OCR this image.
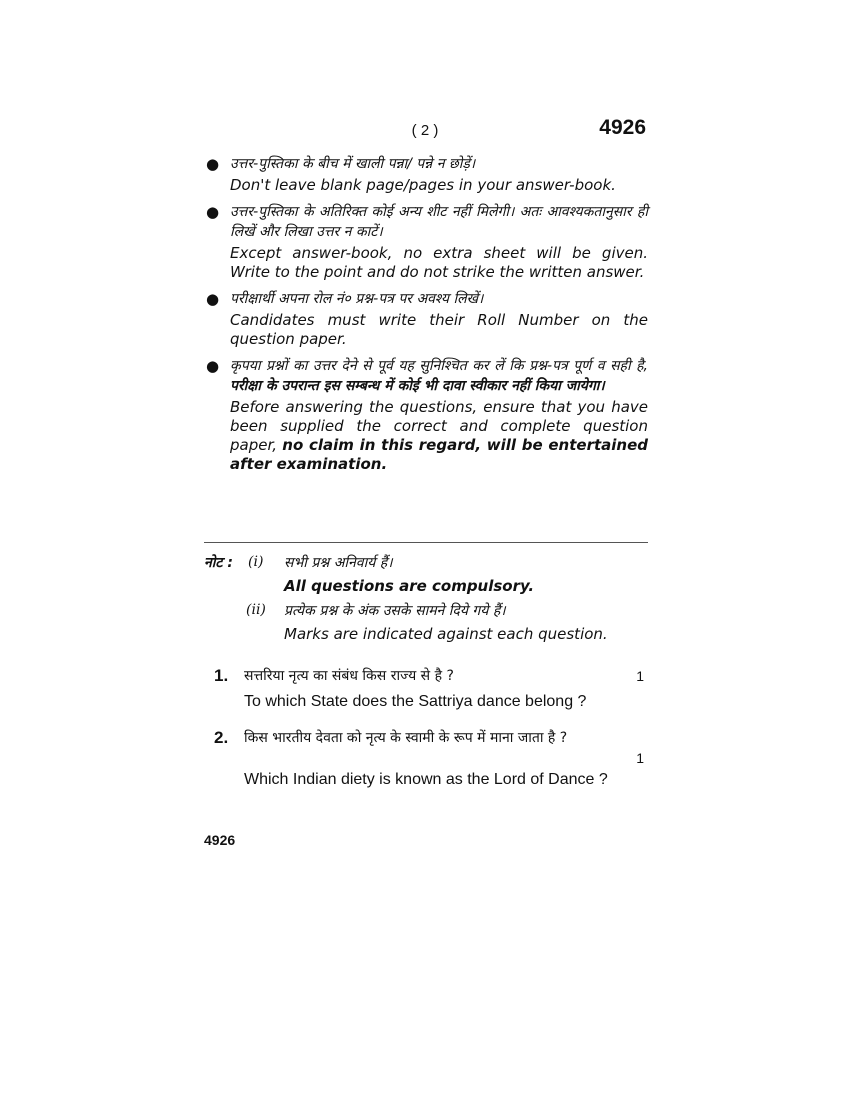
( 2 )	4926
● उत्तर-पुस्तिका के बीच में खाली पन्ना/ पन्ने न छोड़ें।
Don't leave blank page/pages in your answer-book.
● उत्तर-पुस्तिका के अतिरिक्त कोई अन्य शीट नहीं मिलेगी। अतः आवश्यकतानुसार ही लिखें और लिखा उत्तर न काटें।
Except answer-book, no extra sheet will be given. Write to the point and do not strike the written answer.
● परीक्षार्थी अपना रोल नं० प्रश्न-पत्र पर अवश्य लिखें।
Candidates must write their Roll Number on the question paper.
● कृपया प्रश्नों का उत्तर देने से पूर्व यह सुनिश्चित कर लें कि प्रश्न-पत्र पूर्ण व सही है, परीक्षा के उपरान्त इस सम्बन्ध में कोई भी दावा स्वीकार नहीं किया जायेगा।
Before answering the questions, ensure that you have been supplied the correct and complete question paper, no claim in this regard, will be entertained after examination.
नोट : (i) सभी प्रश्न अनिवार्य हैं।
All questions are compulsory.
(ii) प्रत्येक प्रश्न के अंक उसके सामने दिये गये हैं।
Marks are indicated against each question.
1. सत्तरिया नृत्य का संबंध किस राज्य से है ?	1
To which State does the Sattriya dance belong ?
2. किस भारतीय देवता को नृत्य के स्वामी के रूप में माना जाता है ?
1
Which Indian diety is known as the Lord of Dance ?
4926
